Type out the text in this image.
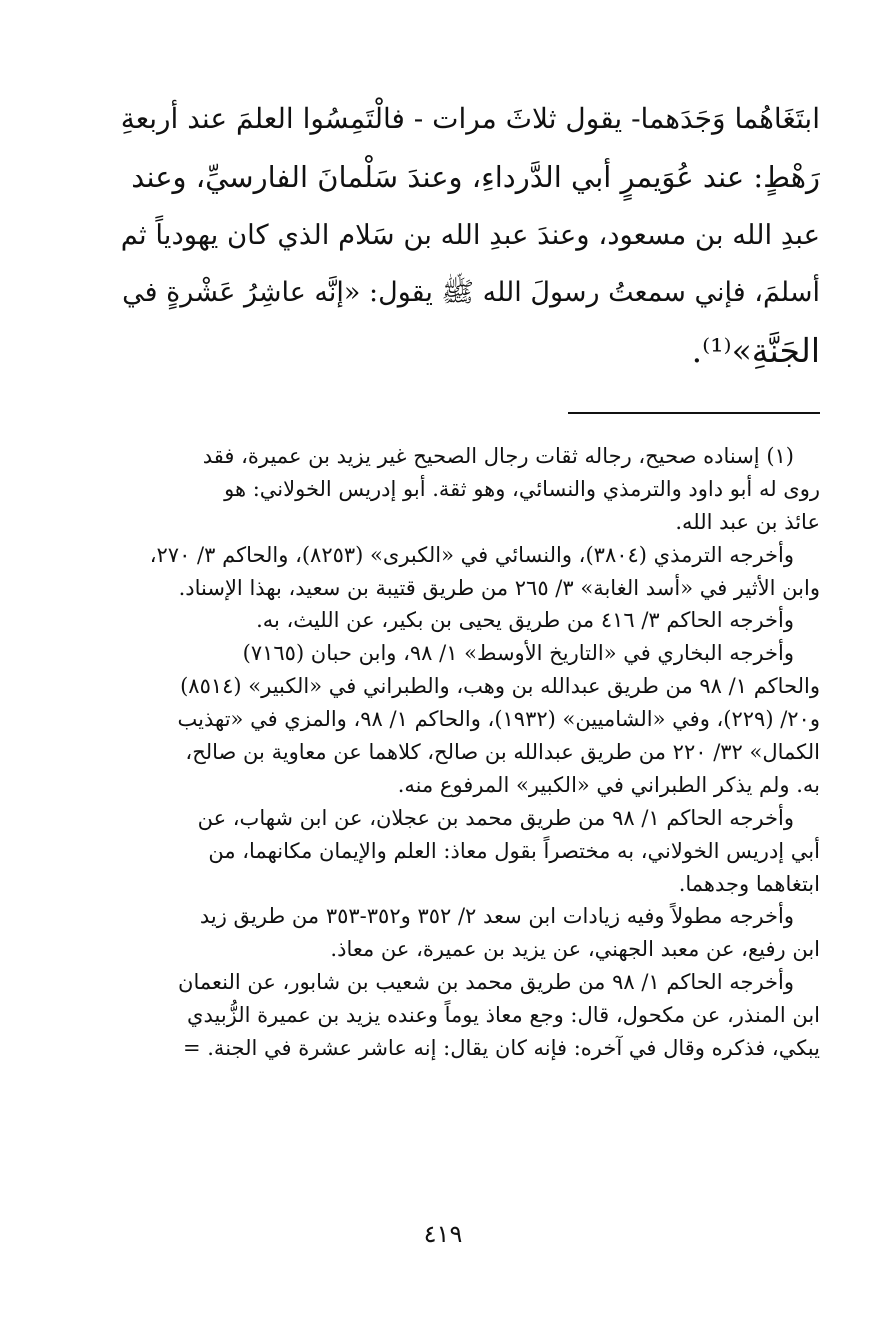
ابتَغَاهُما وَجَدَهما- يقول ثلاثَ مرات - فالْتَمِسُوا العلمَ عند أربعةِ
رَهْطٍ: عند عُوَيمرٍ أبي الدَّرداءِ، وعندَ سَلْمانَ الفارسيِّ، وعند
عبدِ الله بن مسعود، وعندَ عبدِ الله بن سَلام الذي كان يهودياً ثم
أسلمَ، فإني سمعتُ رسولَ الله ﷺ يقول: «إنَّه عاشِرُ عَشْرةٍ في
الجَنَّةِ»⁽¹⁾.
(١) إسناده صحيح، رجاله ثقات رجال الصحيح غير يزيد بن عميرة، فقد
روى له أبو داود والترمذي والنسائي، وهو ثقة. أبو إدريس الخولاني: هو
عائذ بن عبد الله.
وأخرجه الترمذي (٣٨٠٤)، والنسائي في «الكبرى» (٨٢٥٣)، والحاكم ٣/ ٢٧٠،
وابن الأثير في «أسد الغابة» ٣/ ٢٦٥ من طريق قتيبة بن سعيد، بهذا الإسناد.
وأخرجه الحاكم ٣/ ٤١٦ من طريق يحيى بن بكير، عن الليث، به.
وأخرجه البخاري في «التاريخ الأوسط» ١/ ٩٨، وابن حبان (٧١٦٥)
والحاكم ١/ ٩٨ من طريق عبدالله بن وهب، والطبراني في «الكبير» (٨٥١٤)
و٢٠/ (٢٢٩)، وفي «الشاميين» (١٩٣٢)، والحاكم ١/ ٩٨، والمزي في «تهذيب
الكمال» ٣٢/ ٢٢٠ من طريق عبدالله بن صالح، كلاهما عن معاوية بن صالح،
به. ولم يذكر الطبراني في «الكبير» المرفوع منه.
وأخرجه الحاكم ١/ ٩٨ من طريق محمد بن عجلان، عن ابن شهاب، عن
أبي إدريس الخولاني، به مختصراً بقول معاذ: العلم والإيمان مكانهما، من
ابتغاهما وجدهما.
وأخرجه مطولاً وفيه زيادات ابن سعد ٢/ ٣٥٢ و٣٥٢-٣٥٣ من طريق زيد
ابن رفيع، عن معبد الجهني، عن يزيد بن عميرة، عن معاذ.
وأخرجه الحاكم ١/ ٩٨ من طريق محمد بن شعيب بن شابور، عن النعمان
ابن المنذر، عن مكحول، قال: وجع معاذ يوماً وعنده يزيد بن عميرة الزُّبيدي
يبكي، فذكره وقال في آخره: فإنه كان يقال: إنه عاشر عشرة في الجنة. =
٤١٩
